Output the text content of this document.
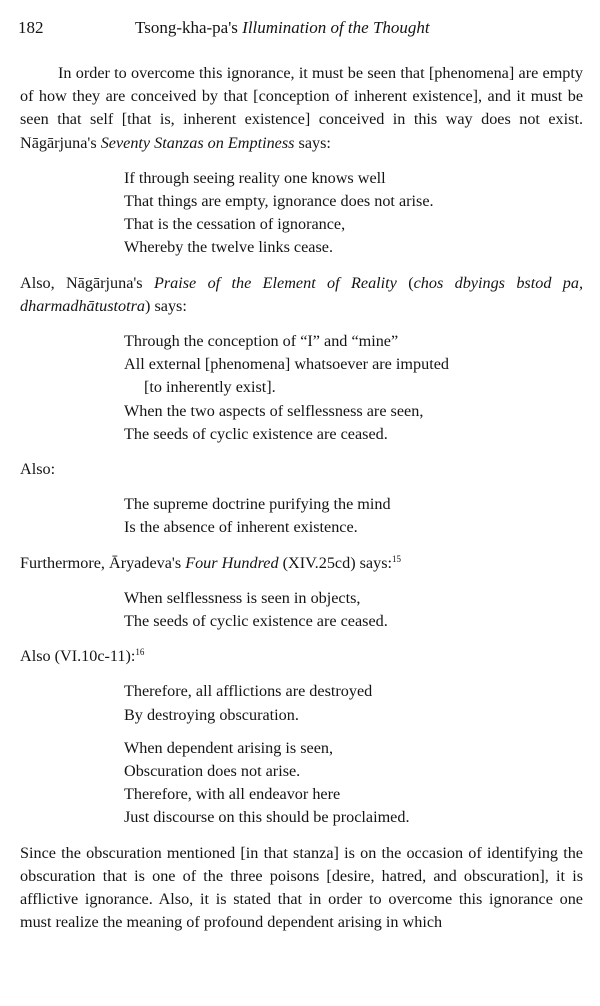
182	Tsong-kha-pa's Illumination of the Thought

In order to overcome this ignorance, it must be seen that [phenomena] are empty of how they are conceived by that [conception of inherent existence], and it must be seen that self [that is, inherent existence] conceived in this way does not exist. Nāgārjuna's Seventy Stanzas on Emptiness says:

If through seeing reality one knows well
That things are empty, ignorance does not arise.
That is the cessation of ignorance,
Whereby the twelve links cease.

Also, Nāgārjuna's Praise of the Element of Reality (chos dbyings bstod pa, dharmadhātustotra) says:

Through the conception of “I” and “mine”
All external [phenomena] whatsoever are imputed
[to inherently exist].
When the two aspects of selflessness are seen,
The seeds of cyclic existence are ceased.

Also:

The supreme doctrine purifying the mind
Is the absence of inherent existence.

Furthermore, Āryadeva's Four Hundred (XIV.25cd) says:$^{15}$

When selflessness is seen in objects,
The seeds of cyclic existence are ceased.

Also (VI.10c-11):$^{16}$

Therefore, all afflictions are destroyed
By destroying obscuration.
When dependent arising is seen,
Obscuration does not arise.
Therefore, with all endeavor here
Just discourse on this should be proclaimed.

Since the obscuration mentioned [in that stanza] is on the occasion of identifying the obscuration that is one of the three poisons [desire, hatred, and obscuration], it is afflictive ignorance. Also, it is stated that in order to overcome this ignorance one must realize the meaning of profound dependent arising in which
